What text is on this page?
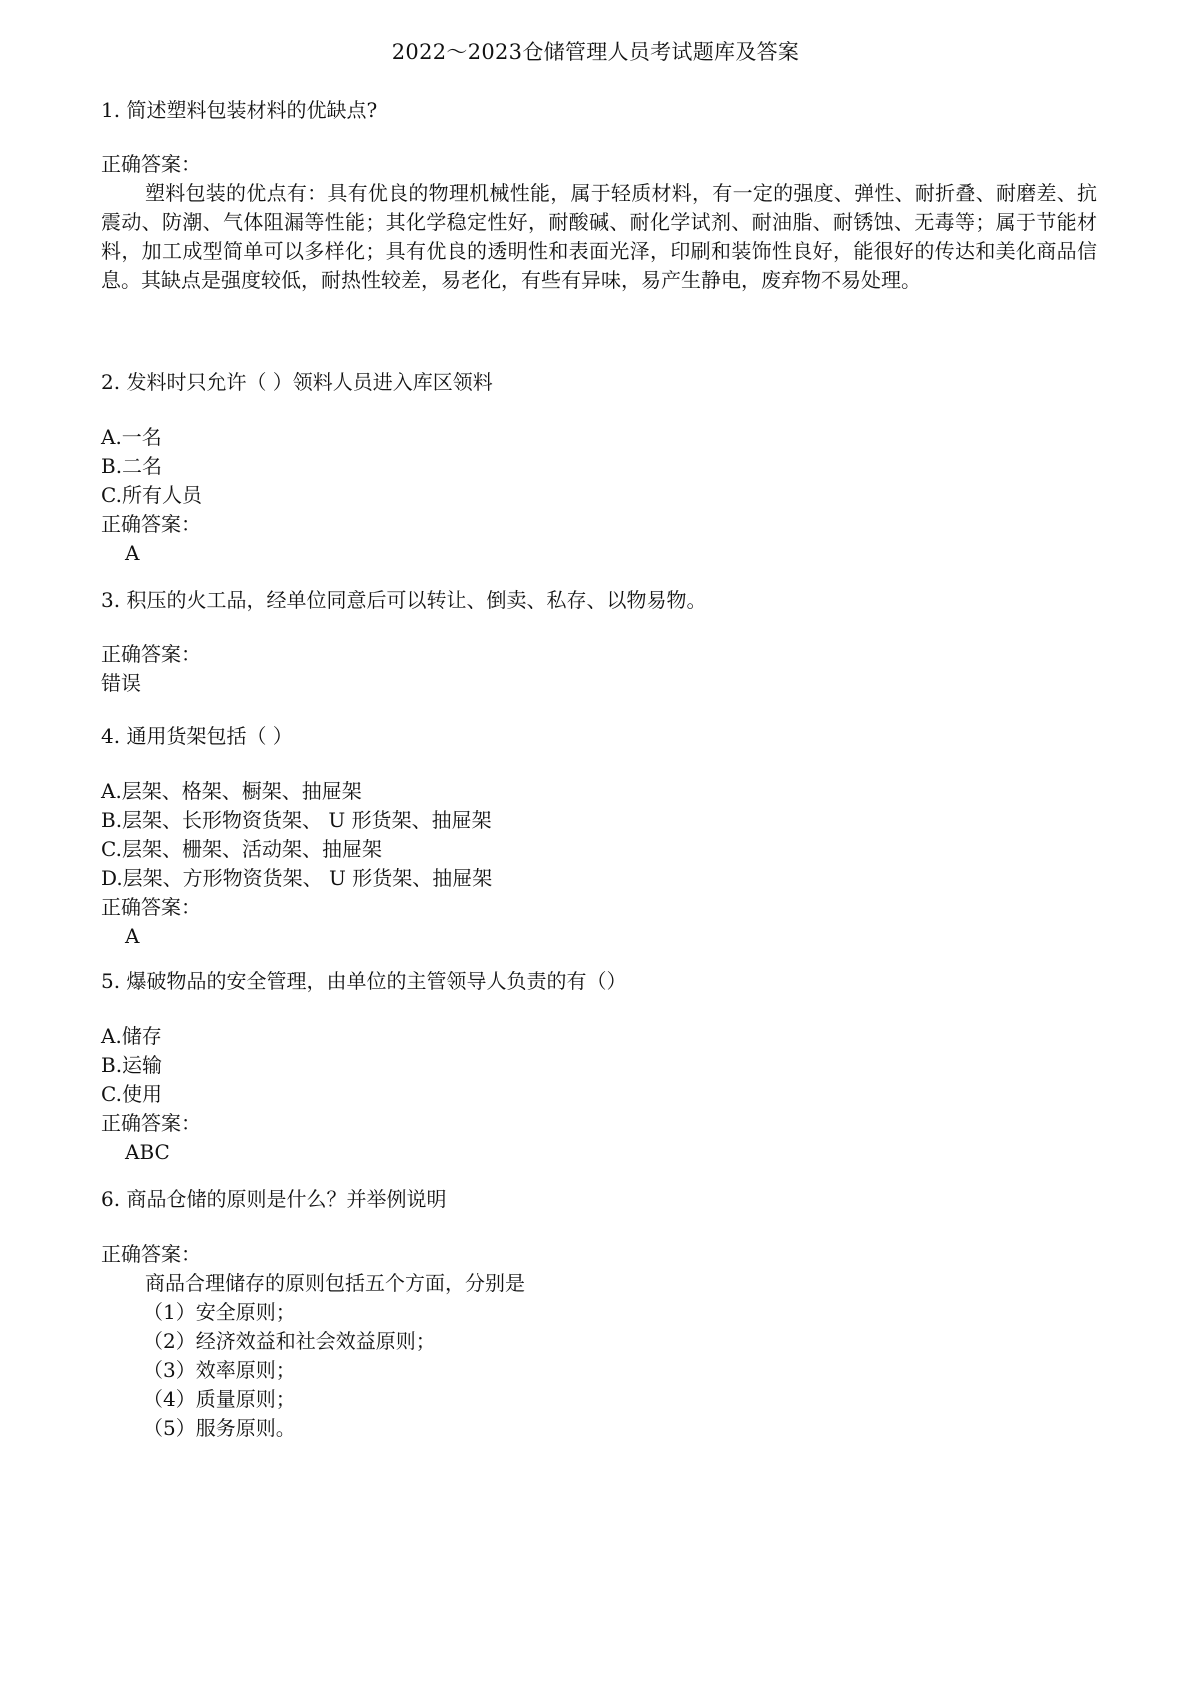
2022～2023仓储管理人员考试题库及答案
1. 简述塑料包装材料的优缺点?
正确答案：
塑料包装的优点有：具有优良的物理机械性能，属于轻质材料，有一定的强度、弹性、耐折叠、耐磨差、抗震动、防潮、气体阻漏等性能；其化学稳定性好，耐酸碱、耐化学试剂、耐油脂、耐锈蚀、无毒等；属于节能材料，加工成型简单可以多样化；具有优良的透明性和表面光泽，印刷和装饰性良好，能很好的传达和美化商品信息。其缺点是强度较低，耐热性较差，易老化，有些有异味，易产生静电，废弃物不易处理。
2. 发料时只允许（ ）领料人员进入库区领料
A.一名
B.二名
C.所有人员
正确答案：
A
3. 积压的火工品，经单位同意后可以转让、倒卖、私存、以物易物。
正确答案：
错误
4. 通用货架包括（ ）
A.层架、格架、橱架、抽屉架
B.层架、长形物资货架、 U 形货架、抽屉架
C.层架、栅架、活动架、抽屉架
D.层架、方形物资货架、 U 形货架、抽屉架
正确答案：
A
5. 爆破物品的安全管理，由单位的主管领导人负责的有（）
A.储存
B.运输
C.使用
正确答案：
ABC
6. 商品仓储的原则是什么？并举例说明
正确答案：
商品合理储存的原则包括五个方面，分别是
（1）安全原则；
（2）经济效益和社会效益原则；
（3）效率原则；
（4）质量原则；
（5）服务原则。
